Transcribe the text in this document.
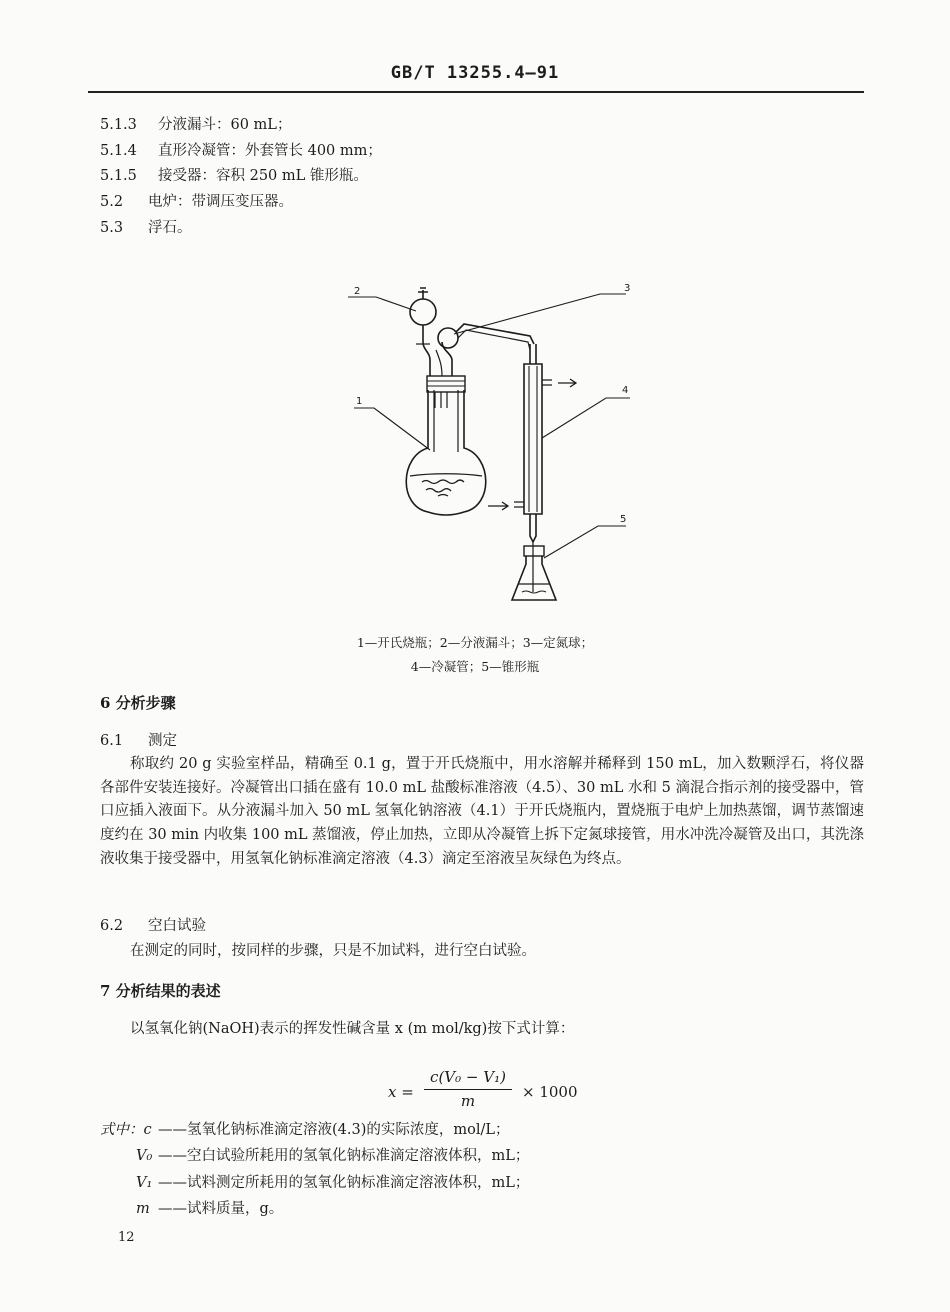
GB/T 13255.4—91
5.1.3 分液漏斗：60 mL；
5.1.4 直形冷凝管：外套管长 400 mm；
5.1.5 接受器：容积 250 mL 锥形瓶。
5.2 电炉：带调压变压器。
5.3 浮石。
2	3
1
4
5
1—开氏烧瓶；2—分液漏斗；3—定氮球；
4—冷凝管；5—锥形瓶
6 分析步骤
6.1 测定
称取约 20 g 实验室样品，精确至 0.1 g，置于开氏烧瓶中，用水溶解并稀释到 150 mL，加入数颗浮石，将仪器各部件安装连接好。冷凝管出口插在盛有 10.0 mL 盐酸标准溶液（4.5）、30 mL 水和 5 滴混合指示剂的接受器中，管口应插入液面下。从分液漏斗加入 50 mL 氢氧化钠溶液（4.1）于开氏烧瓶内，置烧瓶于电炉上加热蒸馏，调节蒸馏速度约在 30 min 内收集 100 mL 蒸馏液，停止加热，立即从冷凝管上拆下定氮球接管，用水冲洗冷凝管及出口，其洗涤液收集于接受器中，用氢氧化钠标准滴定溶液（4.3）滴定至溶液呈灰绿色为终点。
6.2 空白试验
在测定的同时，按同样的步骤，只是不加试料，进行空白试验。
7 分析结果的表述
以氢氧化钠(NaOH)表示的挥发性碱含量 x (m mol/kg)按下式计算：
x =
c(V₀ − V₁)
m	× 1000
式中：c ——氢氧化钠标准滴定溶液(4.3)的实际浓度，mol/L；
V₀ ——空白试验所耗用的氢氧化钠标准滴定溶液体积，mL；
V₁ ——试料测定所耗用的氢氧化钠标准滴定溶液体积，mL；
m ——试料质量，g。
12
